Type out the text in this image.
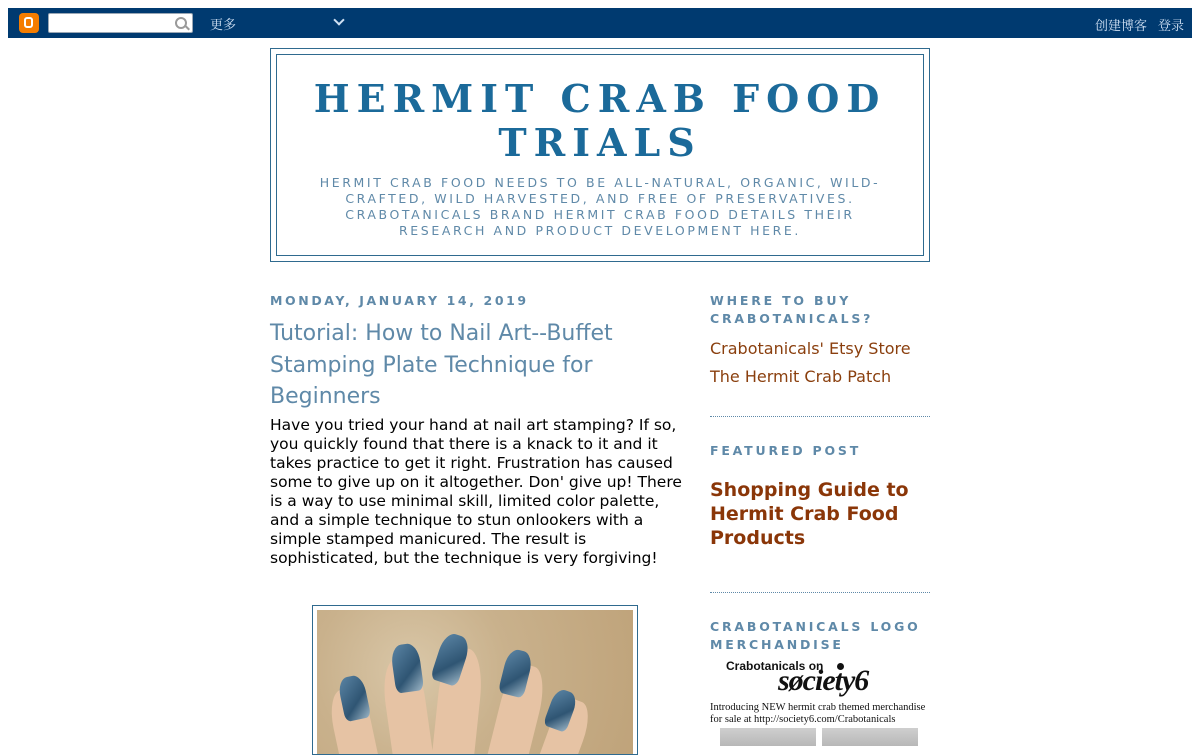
更多	创建博客 登录
HERMIT CRAB FOOD TRIALS
HERMIT CRAB FOOD NEEDS TO BE ALL-NATURAL, ORGANIC, WILD-CRAFTED, WILD HARVESTED, AND FREE OF PRESERVATIVES. CRABOTANICALS BRAND HERMIT CRAB FOOD DETAILS THEIR RESEARCH AND PRODUCT DEVELOPMENT HERE.
MONDAY, JANUARY 14, 2019
Tutorial: How to Nail Art--Buffet Stamping Plate Technique for Beginners
Have you tried your hand at nail art stamping? If so, you quickly found that there is a knack to it and it takes practice to get it right. Frustration has caused some to give up on it altogether. Don' give up! There is a way to use minimal skill, limited color palette, and a simple technique to stun onlookers with a simple stamped manicured. The result is sophisticated, but the technique is very forgiving!
WHERE TO BUY CRABOTANICALS?
Crabotanicals' Etsy Store
The Hermit Crab Patch
FEATURED POST
Shopping Guide to Hermit Crab Food Products
CRABOTANICALS LOGO MERCHANDISE
Crabotanicals on
søciety6
Introducing NEW hermit crab themed merchandise for sale at http://society6.com/Crabotanicals
